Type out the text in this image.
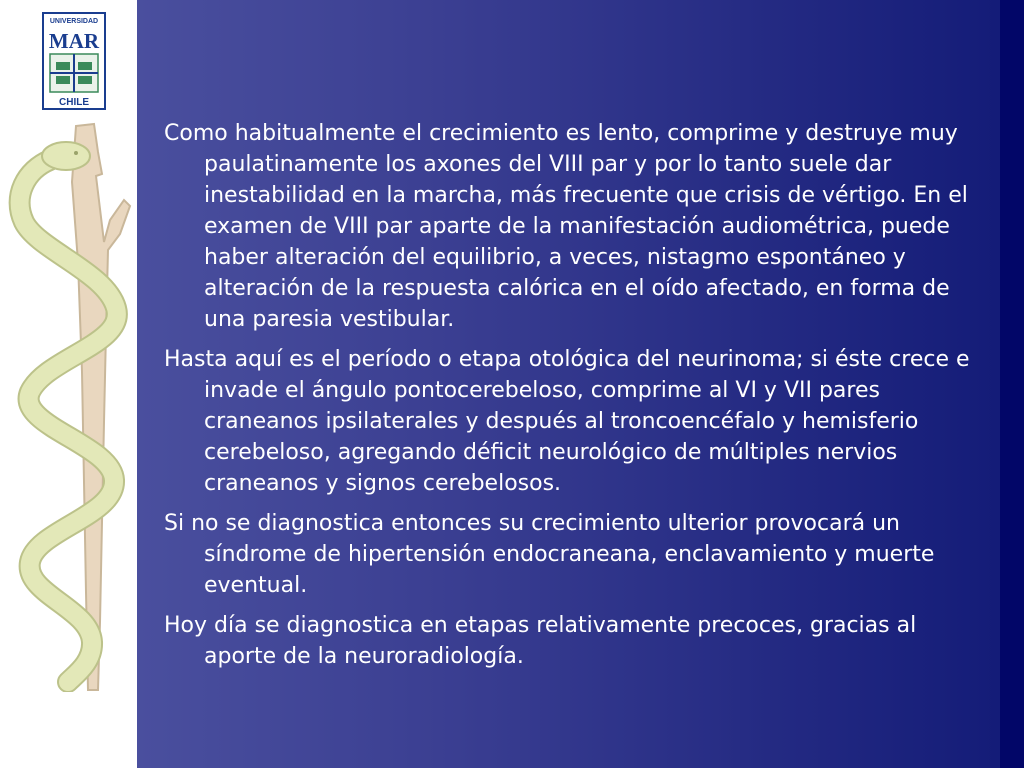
UNIVERSIDAD
MAR
CHILE

Como habitualmente el crecimiento es lento, comprime y destruye muy paulatinamente los axones del VIII par y por lo tanto suele dar inestabilidad en la marcha, más frecuente que crisis de vértigo. En el examen de VIII par aparte de la manifestación audiométrica, puede haber alteración del equilibrio, a veces, nistagmo espontáneo y alteración de la respuesta calórica en el oído afectado, en forma de una paresia vestibular.

Hasta aquí es el período o etapa otológica del neurinoma; si éste crece e invade el ángulo pontocerebeloso, comprime al VI y VII pares craneanos ipsilaterales y después al troncoencéfalo y hemisferio cerebeloso, agregando déficit neurológico de múltiples nervios craneanos y signos cerebelosos.

Si no se diagnostica entonces su crecimiento ulterior provocará un síndrome de hipertensión endocraneana, enclavamiento y muerte eventual.

Hoy día se diagnostica en etapas relativamente precoces, gracias al aporte de la neuroradiología.
